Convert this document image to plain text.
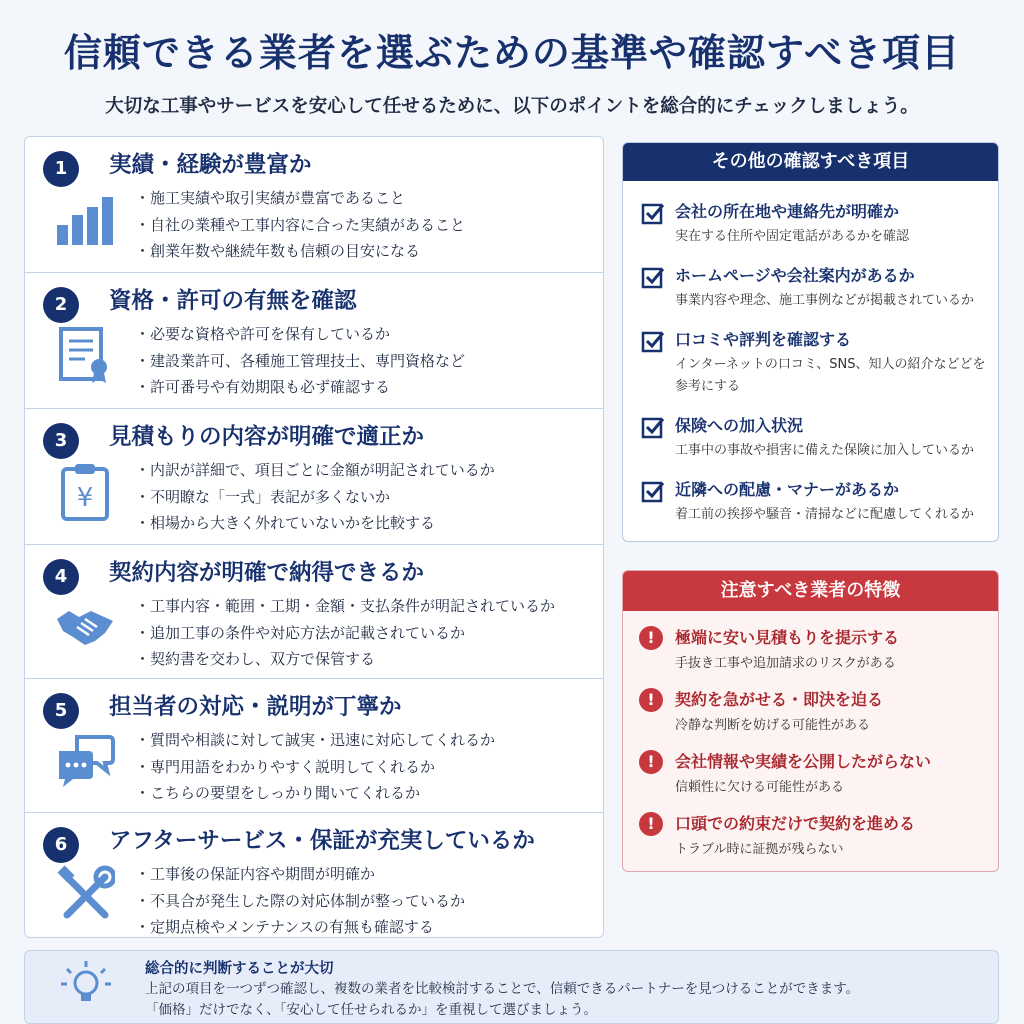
信頼できる業者を選ぶための基準や確認すべき項目
大切な工事やサービスを安心して任せるために、以下のポイントを総合的にチェックしましょう。
1	実績・経験が豊富か
・ 施工実績や取引実績が豊富であること
・ 自社の業種や工事内容に合った実績があること
・ 創業年数や継続年数も信頼の目安になる
2	資格・許可の有無を確認
・ 必要な資格や許可を保有しているか
・ 建設業許可、各種施工管理技士、専門資格など
・ 許可番号や有効期限も必ず確認する
3	見積もりの内容が明確で適正か
¥
・ 内訳が詳細で、項目ごとに金額が明記されているか
・ 不明瞭な「一式」表記が多くないか
・ 相場から大きく外れていないかを比較する
4	契約内容が明確で納得できるか
・ 工事内容・範囲・工期・金額・支払条件が明記されているか
・ 追加工事の条件や対応方法が記載されているか
・ 契約書を交わし、双方で保管する
5	担当者の対応・説明が丁寧か
・ 質問や相談に対して誠実・迅速に対応してくれるか
・ 専門用語をわかりやすく説明してくれるか
・ こちらの要望をしっかり聞いてくれるか
6	アフターサービス・保証が充実しているか
・ 工事後の保証内容や期間が明確か
・ 不具合が発生した際の対応体制が整っているか
・ 定期点検やメンテナンスの有無も確認する
その他の確認すべき項目
会社の所在地や連絡先が明確か
実在する住所や固定電話があるかを確認
ホームページや会社案内があるか
事業内容や理念、施工事例などが掲載されているか
口コミや評判を確認する
インターネットの口コミ、SNS、知人の紹介などどを参考にする
保険への加入状況
工事中の事故や損害に備えた保険に加入しているか
近隣への配慮・マナーがあるか
着工前の挨拶や騒音・清掃などに配慮してくれるか
注意すべき業者の特徴
!	極端に安い見積もりを提示する
手抜き工事や追加請求のリスクがある
!	契約を急がせる・即決を迫る
冷静な判断を妨げる可能性がある
!	会社情報や実績を公開したがらない
信頼性に欠ける可能性がある
!	口頭での約束だけで契約を進める
トラブル時に証拠が残らない
総合的に判断することが大切
上記の項目を一つずつ確認し、複数の業者を比較検討することで、信頼できるパートナーを見つけることができます。
「価格」だけでなく、「安心して任せられるか」を重視して選びましょう。
